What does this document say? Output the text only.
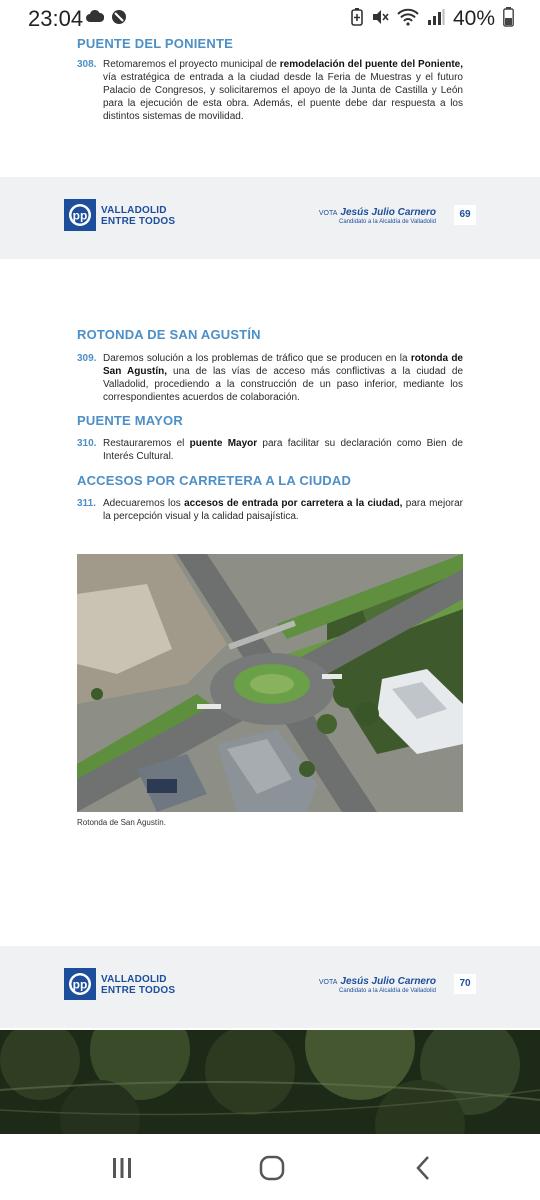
23:04	40%
PUENTE DEL PONIENTE
308. Retomaremos el proyecto municipal de remodelación del puente del Poniente, vía estratégica de entrada a la ciudad desde la Feria de Muestras y el futuro Palacio de Congresos, y solicitaremos el apoyo de la Junta de Castilla y León para la ejecución de esta obra. Además, el puente debe dar respuesta a los distintos sistemas de movilidad.
pp VALLADOLID
ENTRE TODOS
VOTA Jesús Julio Carnero
Candidato a la Alcaldía de Valladolid
69
ROTONDA DE SAN AGUSTÍN
309. Daremos solución a los problemas de tráfico que se producen en la rotonda de San Agustín, una de las vías de acceso más conflictivas a la ciudad de Valladolid, procediendo a la construcción de un paso inferior, mediante los correspondientes acuerdos de colaboración.
PUENTE MAYOR
310. Restauraremos el puente Mayor para facilitar su declaración como Bien de Interés Cultural.
ACCESOS POR CARRETERA A LA CIUDAD
311. Adecuaremos los accesos de entrada por carretera a la ciudad, para mejorar la percepción visual y la calidad paisajística.
Rotonda de San Agustín.
pp VALLADOLID
ENTRE TODOS
VOTA Jesús Julio Carnero
Candidato a la Alcaldía de Valladolid
70
